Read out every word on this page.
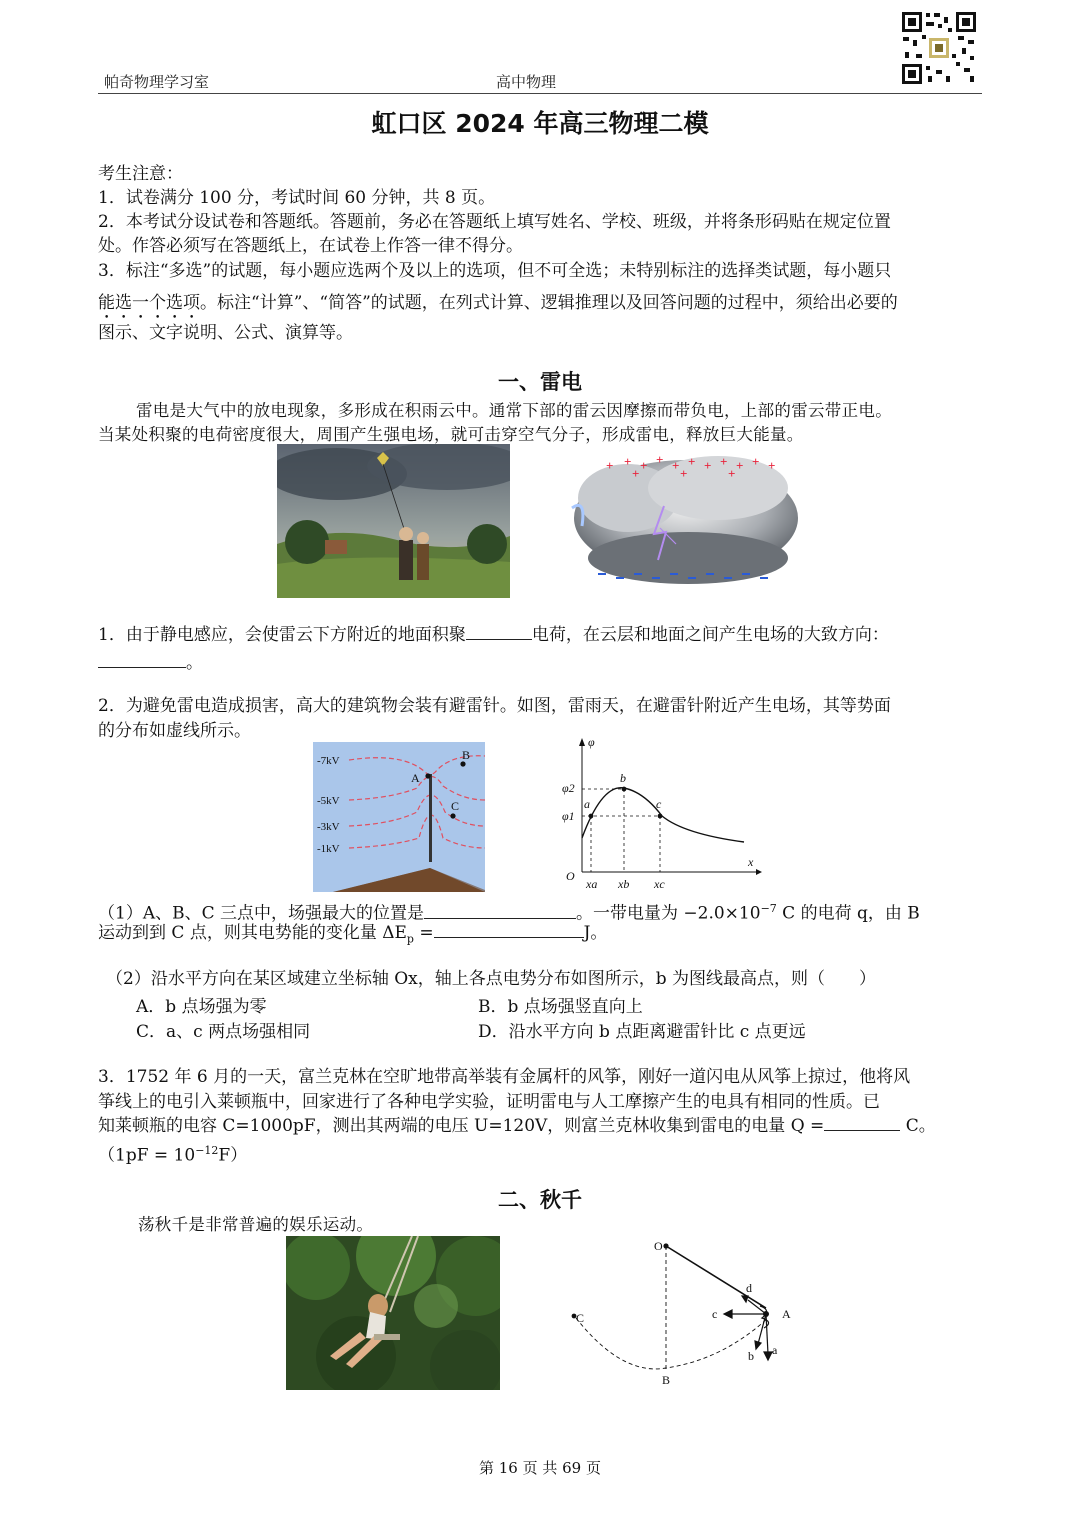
帕奇物理学习室	高中物理
虹口区 2024 年高三物理二模
考生注意：
1．试卷满分 100 分，考试时间 60 分钟，共 8 页。
2．本考试分设试卷和答题纸。答题前，务必在答题纸上填写姓名、学校、班级，并将条形码贴在规定位置
处。作答必须写在答题纸上，在试卷上作答一律不得分。
3．标注“多选”的试题，每小题应选两个及以上的选项，但不可全选；未特别标注的选择类试题，每小题只
能选一个选项。标注“计算”、“简答”的试题，在列式计算、逻辑推理以及回答问题的过程中，须给出必要的
图示、文字说明、公式、演算等。
一、雷电
雷电是大气中的放电现象，多形成在积雨云中。通常下部的雷云因摩擦而带负电，上部的雷云带正电。
当某处积聚的电荷密度很大，周围产生强电场，就可击穿空气分子，形成雷电，释放巨大能量。
+ + + + + + + + + + +
+	+	+
1．由于静电感应，会使雷云下方附近的地面积聚	电荷，在云层和地面之间产生电场的大致方向：
。
2．为避免雷电造成损害，高大的建筑物会装有避雷针。如图，雷雨天，在避雷针附近产生电场，其等势面
的分布如虚线所示。
-7kV
-5kV
-3kV
-1kV
A
B
C
φ
x
O
φ2
φ1
a
b
c
xa xb xc
（1）A、B、C 三点中，场强最大的位置是	。一带电量为 $-2.0\times 10^{-7}$ C 的电荷 q，由 B
运动到到 C 点，则其电势能的变化量 $\Delta E_p$ =	J。
（2）沿水平方向在某区域建立坐标轴 Ox，轴上各点电势分布如图所示，b 为图线最高点，则（　　）
A．b 点场强为零	B．b 点场强竖直向上
C．a、c 两点场强相同	D．沿水平方向 b 点距离避雷针比 c 点更远
3．1752 年 6 月的一天，富兰克林在空旷地带高举装有金属杆的风筝，刚好一道闪电从风筝上掠过，他将风
筝线上的电引入莱顿瓶中，回家进行了各种电学实验，证明雷电与人工摩擦产生的电具有相同的性质。已
知莱顿瓶的电容 C=1000pF，测出其两端的电压 U=120V，则富兰克林收集到雷电的电量 Q =	C。
$(1pF = 10^{-12}F)$
二、秋千
荡秋千是非常普遍的娱乐运动。
O
A
B
C
a
b
c
d
第 16 页 共 69 页
